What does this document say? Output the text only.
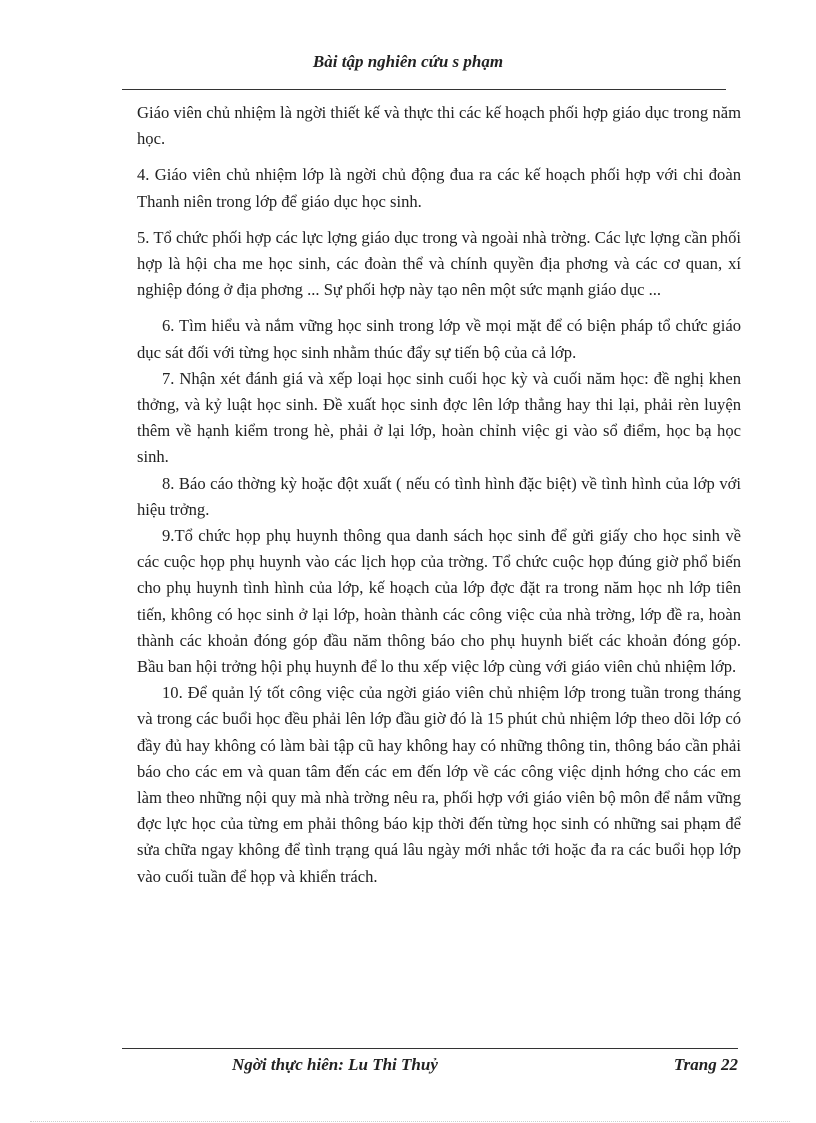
Bài tập nghiên cứu s phạm

Giáo viên chủ nhiệm là ngời thiết kế và thực thi các kế hoạch phối hợp giáo dục trong năm học.

4. Giáo viên chủ nhiệm lớp là ngời chủ động đua ra các kế hoạch phối hợp với chi đoàn Thanh niên trong lớp để giáo dục học sinh.

5. Tổ chức phối hợp các lực lợng giáo dục trong và ngoài nhà trờng. Các lực lợng cần phối hợp là hội cha me học sinh, các đoàn thể và chính quyền địa phơng và các cơ quan, xí nghiệp đóng ở địa phơng ... Sự phối hợp này tạo nên một sức mạnh giáo dục ...

6. Tìm hiểu và nắm vững học sinh trong lớp về mọi mặt để có biện pháp tổ chức giáo dục sát đối với từng học sinh nhằm thúc đẩy sự tiến bộ của cả lớp.

7. Nhận xét đánh giá và xếp loại học sinh cuối học kỳ và cuối năm học: đề nghị khen thởng, và kỷ luật học sinh. Đề xuất học sinh đợc lên lớp thẳng hay thi lại, phải rèn luyện thêm về hạnh kiểm trong hè, phải ở lại lớp, hoàn chỉnh việc gi vào sổ điểm, học bạ học sinh.

8. Báo cáo thờng kỳ hoặc đột xuất ( nếu có tình hình đặc biệt) về tình hình của lớp với hiệu trởng.

9.Tổ chức họp phụ huynh thông qua danh sách học sinh để gửi giấy cho học sinh về các cuộc họp phụ huynh vào các lịch họp của trờng. Tổ chức cuộc họp đúng giờ phổ biến cho phụ huynh tình hình của lớp, kế hoạch của lớp đợc đặt ra trong năm học nh lớp tiên tiến, không có học sinh ở lại lớp, hoàn thành các công việc của nhà trờng, lớp đề ra, hoàn thành các khoản đóng góp đầu năm thông báo cho phụ huynh biết các khoản đóng góp. Bầu ban hội trởng hội phụ huynh để lo thu xếp việc lớp cùng với giáo viên chủ nhiệm lớp.

10. Để quản lý tốt công việc của ngời giáo viên chủ nhiệm lớp trong tuần trong tháng và trong các buổi học đều phải lên lớp đầu giờ đó là 15 phút chủ nhiệm lớp theo dõi lớp có đầy đủ hay không có làm bài tập cũ hay không hay có những thông tin, thông báo cần phải báo cho các em và quan tâm đến các em đến lớp về các công việc dịnh hớng cho các em làm theo những nội quy mà nhà trờng nêu ra, phối hợp với giáo viên bộ môn để nắm vững đợc lực học của từng em phải thông báo kịp thời đến từng học sinh có những sai phạm để sửa chữa ngay không để tình trạng quá lâu ngày mới nhắc tới hoặc đa ra các buổi họp lớp vào cuối tuần để họp và khiển trách.

Ngời thực hiên: Lu Thi Thuỷ	Trang 22
